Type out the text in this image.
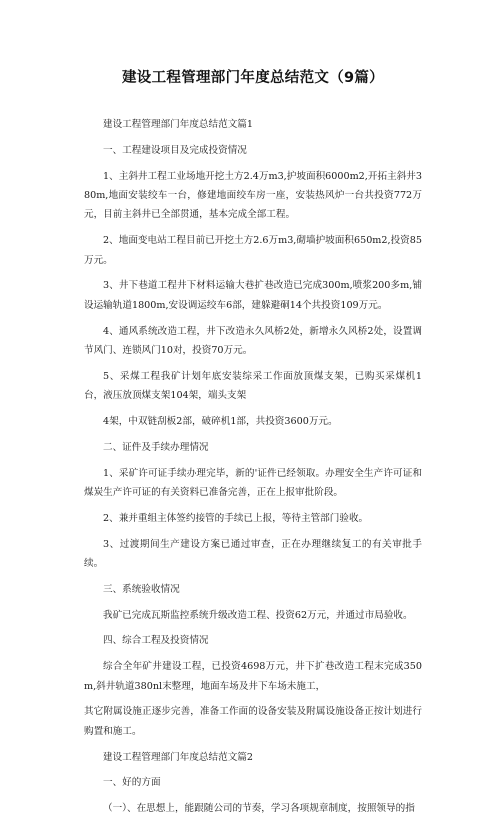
建设工程管理部门年度总结范文（9篇）

建设工程管理部门年度总结范文篇1

一、工程建设项目及完成投资情况

1、主斜井工程工业场地开挖土方2.4万m3,护坡面积6000m2,开拓主斜井380m,地面安装绞车一台，修建地面绞车房一座，安装热风炉一台共投资772万元，目前主斜井已全部贯通，基本完成全部工程。

2、地面变电站工程目前已开挖土方2.6万m3,砌墙护坡面积650m2,投资85万元。

3、井下巷道工程井下材料运输大巷扩巷改造已完成300m,喷浆200多m,铺设运输轨道1800m,安设调运绞车6部，建躲避硐14个共投资109万元。

4、通风系统改造工程，井下改造永久风桥2处，新增永久风桥2处，设置调节风门、连锁风门10对，投资70万元。

5、采煤工程我矿计划年底安装综采工作面放顶煤支架，已购买采煤机1台，液压放顶煤支架104架，端头支架

4架，中双链刮板2部，破碎机1部，共投资3600万元。

二、证件及手续办理情况

1、采矿许可证手续办理完毕，新的'证件已经领取。办理安全生产许可证和煤炭生产许可证的有关资料已准备完善，正在上报审批阶段。

2、兼并重组主体签约接管的手续已上报，等待主管部门验收。

3、过渡期间生产建设方案已通过审查，正在办理继续复工的有关审批手续。

三、系统验收情况

我矿已完成瓦斯监控系统升级改造工程、投资62万元，并通过市局验收。

四、综合工程及投资情况

综合全年矿井建设工程，已投资4698万元，井下扩巷改造工程末完成350m,斜井轨道380nl末整理，地面车场及井下车场未施工，

其它附属设施正逐步完善，准备工作面的设备安装及附属设施设备正按计划进行购置和施工。

建设工程管理部门年度总结范文篇2

一、好的方面

（一）、在思想上，能跟随公司的节奏，学习各项规章制度，按照领导的指
